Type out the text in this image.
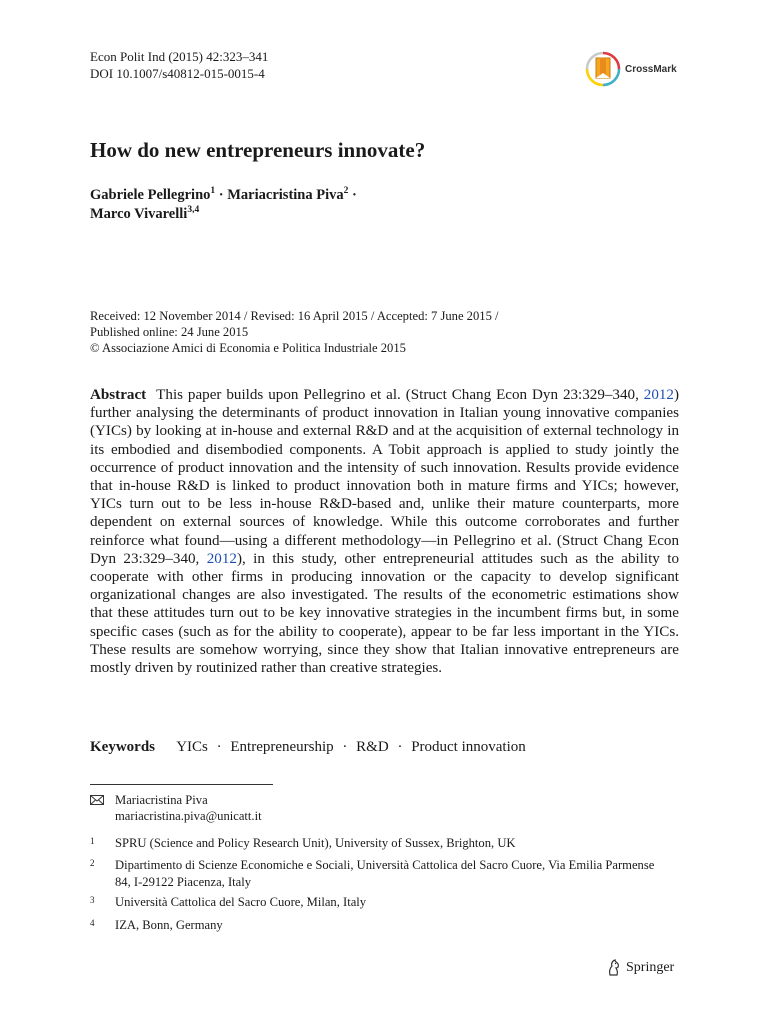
Econ Polit Ind (2015) 42:323–341
DOI 10.1007/s40812-015-0015-4	CrossMark
How do new entrepreneurs innovate?
Gabriele Pellegrino$^1$ · Mariacristina Piva$^2$ ·
Marco Vivarelli$^{3,4}$
Received: 12 November 2014 / Revised: 16 April 2015 / Accepted: 7 June 2015 /
Published online: 24 June 2015
© Associazione Amici di Economia e Politica Industriale 2015
Abstract This paper builds upon Pellegrino et al. (Struct Chang Econ Dyn 23:329–340, 2012) further analysing the determinants of product innovation in Italian young innovative companies (YICs) by looking at in-house and external R&D and at the acquisition of external technology in its embodied and disembodied components. A Tobit approach is applied to study jointly the occurrence of product innovation and the intensity of such innovation. Results provide evidence that in-house R&D is linked to product innovation both in mature firms and YICs; however, YICs turn out to be less in-house R&D-based and, unlike their mature counterparts, more dependent on external sources of knowledge. While this outcome corroborates and further reinforce what found—using a different methodology—in Pellegrino et al. (Struct Chang Econ Dyn 23:329–340, 2012), in this study, other entrepreneurial attitudes such as the ability to cooperate with other firms in producing innovation or the capacity to develop significant organizational changes are also investigated. The results of the econometric estimations show that these attitudes turn out to be key innovative strategies in the incumbent firms but, in some specific cases (such as for the ability to cooperate), appear to be far less important in the YICs. These results are somehow worrying, since they show that Italian innovative entrepreneurs are mostly driven by routinized rather than creative strategies.
Keywords YICs · Entrepreneurship · R&D · Product innovation
Mariacristina Piva
mariacristina.piva@unicatt.it
1 SPRU (Science and Policy Research Unit), University of Sussex, Brighton, UK
2 Dipartimento di Scienze Economiche e Sociali, Università Cattolica del Sacro Cuore, Via Emilia Parmense 84, I-29122 Piacenza, Italy
3 Università Cattolica del Sacro Cuore, Milan, Italy
4 IZA, Bonn, Germany
Springer
